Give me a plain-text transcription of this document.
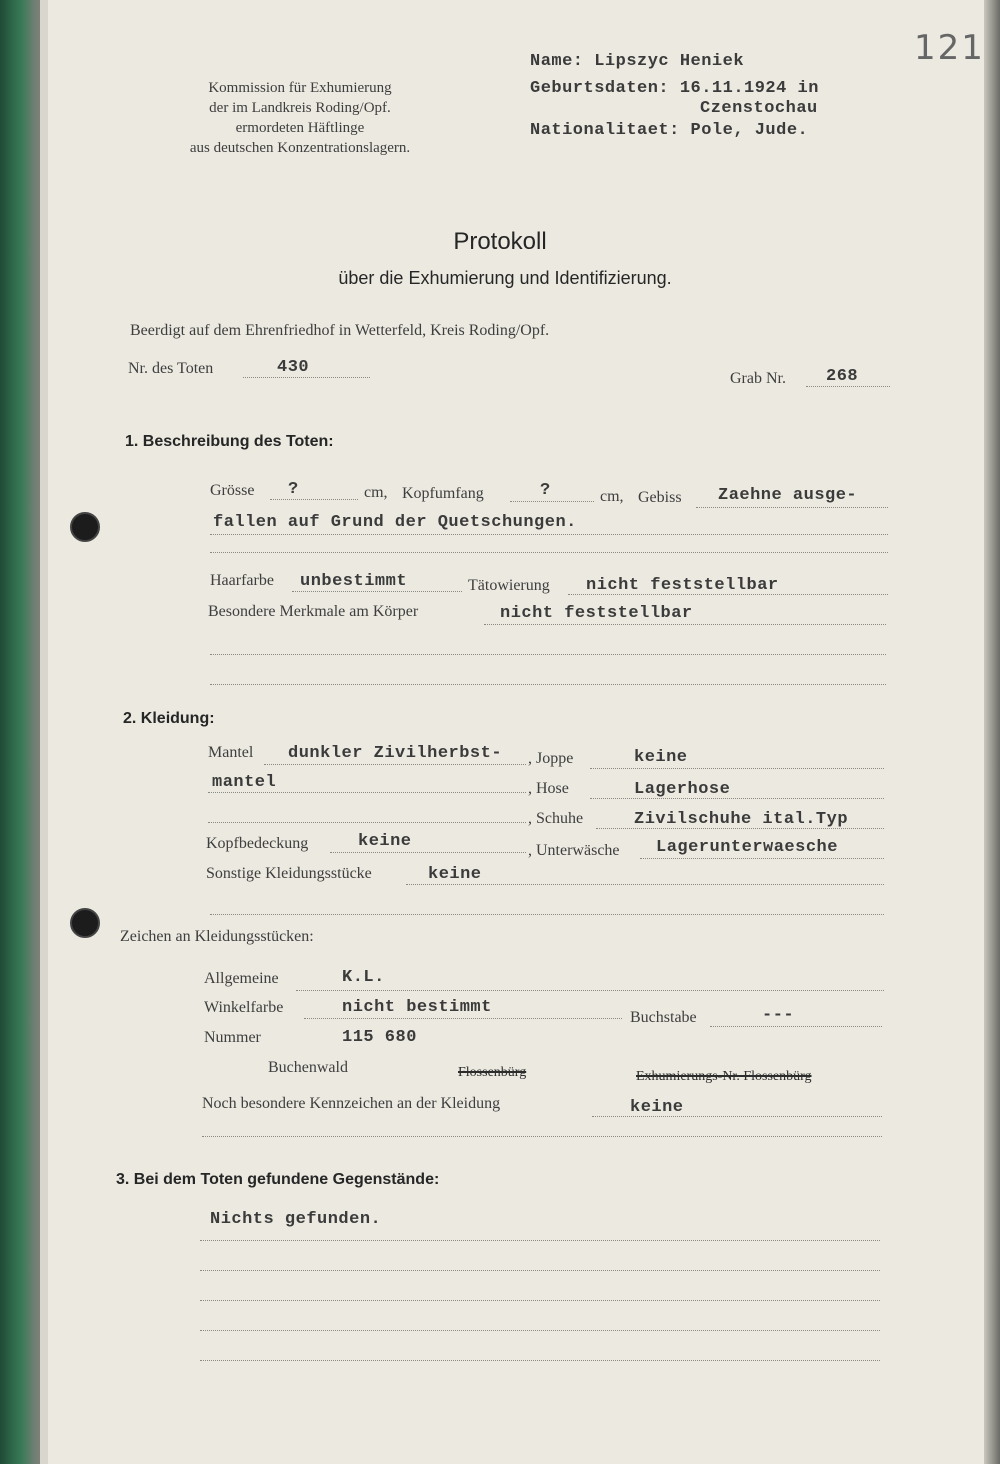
121
Kommission für Exhumierung
der im Landkreis Roding/Opf.
ermordeten Häftlinge
aus deutschen Konzentrationslagern.
Name: Lipszyc Heniek
Geburtsdaten: 16.11.1924 in
Czenstochau
Nationalitaet: Pole, Jude.
Protokoll
über die Exhumierung und Identifizierung.
Beerdigt auf dem Ehrenfriedhof in Wetterfeld, Kreis Roding/Opf.
Nr. des Toten	430
Grab Nr. 268
1. Beschreibung des Toten:
Grösse ?	cm, Kopfumfang	?	cm, Gebiss Zaehne ausge-
fallen auf Grund der Quetschungen.
Haarfarbe unbestimmt	Tätowierung nicht feststellbar
Besondere Merkmale am Körper	nicht feststellbar
2. Kleidung:
Mantel dunkler Zivilherbst- , Joppe	keine
mantel	, Hose	Lagerhose
, Schuhe	Zivilschuhe ital.Typ
Kopfbedeckung	keine	, Unterwäsche Lagerunterwaesche
Sonstige Kleidungsstücke	keine
Zeichen an Kleidungsstücken:
Allgemeine	K.L.
Winkelfarbe	nicht bestimmt
Buchstabe	---
Nummer	115 680
Buchenwald	Flossenbürg	Exhumierungs-Nr. Flossenbürg
Noch besondere Kennzeichen an der Kleidung	keine
3. Bei dem Toten gefundene Gegenstände:
Nichts gefunden.
